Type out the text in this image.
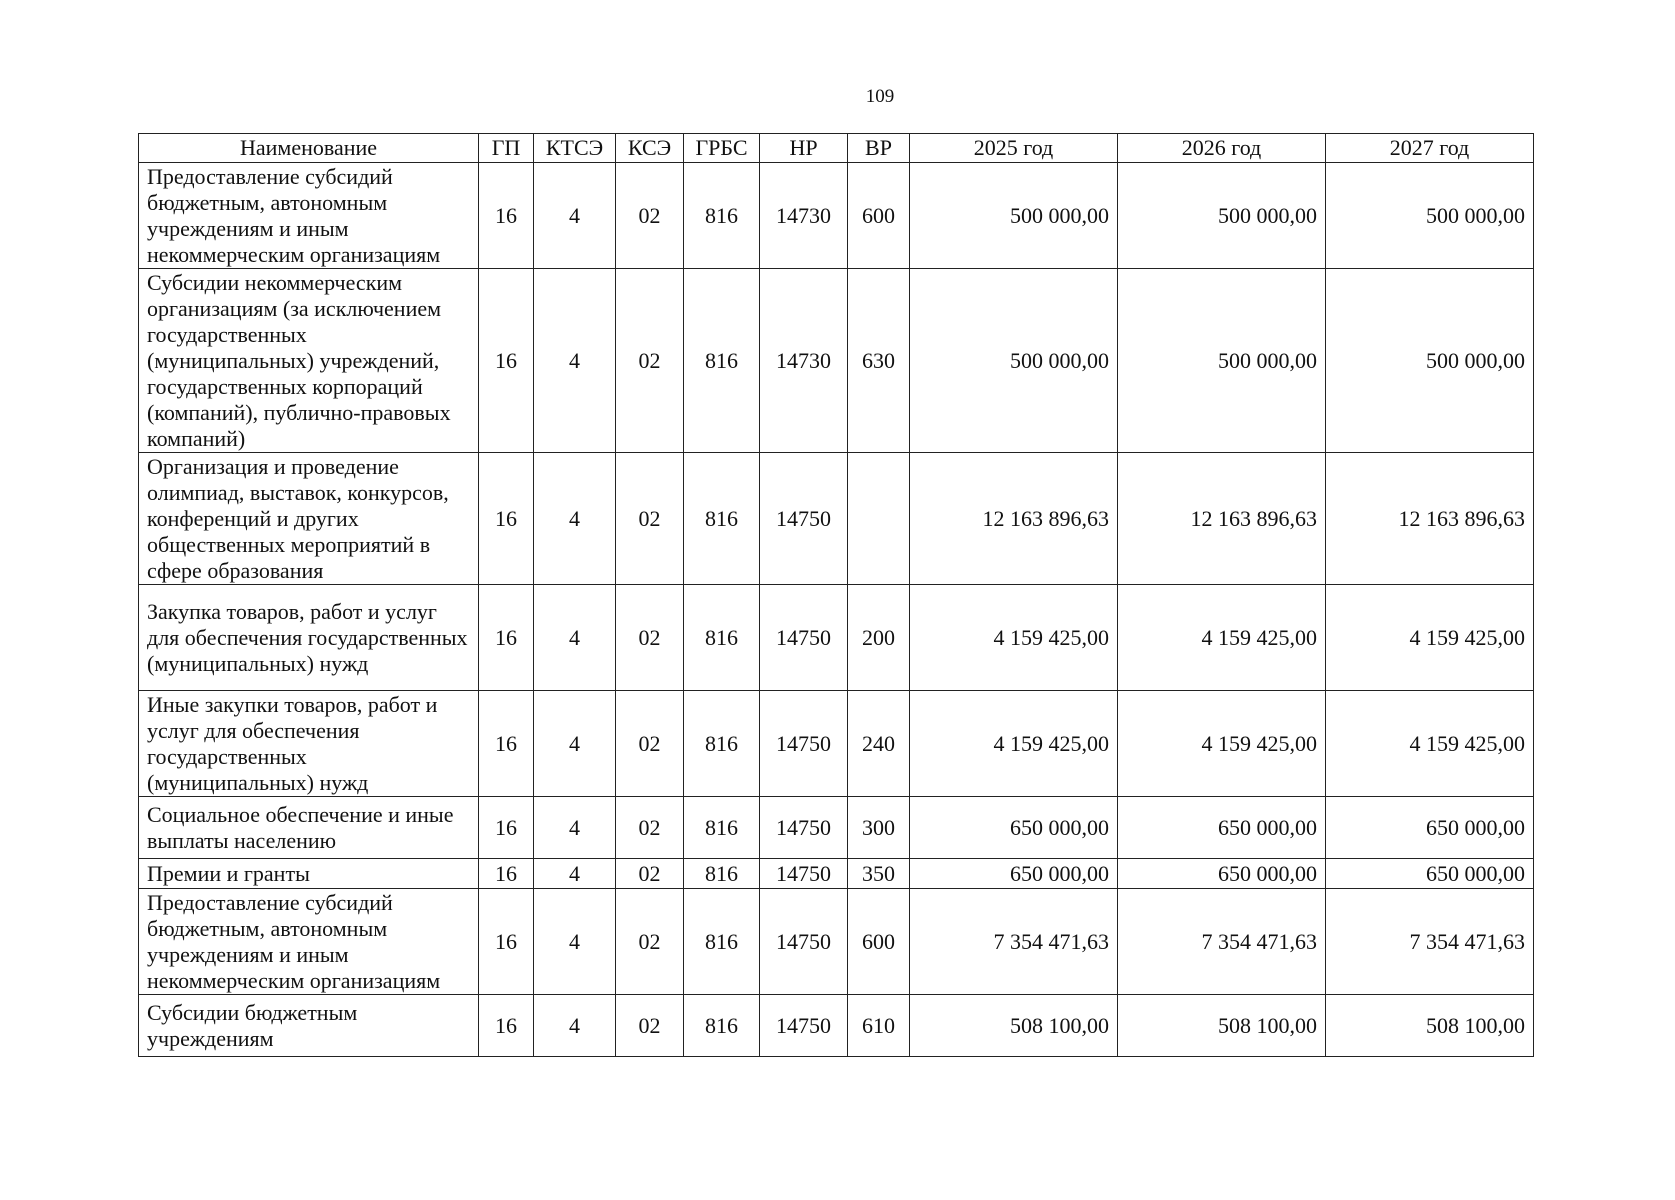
109
Наименование	ГП	КТСЭ	КСЭ	ГРБС	НР	ВР	2025 год	2026 год	2027 год
Предоставление субсидий бюджетным, автономным учреждениям и иным некоммерческим организациям	16	4	02	816	14730	600	500 000,00	500 000,00	500 000,00
Субсидии некоммерческим организациям (за исключением государственных (муниципальных) учреждений, государственных корпораций (компаний), публично-правовых компаний)	16	4	02	816	14730	630	500 000,00	500 000,00	500 000,00
Организация и проведение олимпиад, выставок, конкурсов, конференций и других общественных мероприятий в сфере образования	16	4	02	816	14750		12 163 896,63	12 163 896,63	12 163 896,63
Закупка товаров, работ и услуг для обеспечения государственных (муниципальных) нужд	16	4	02	816	14750	200	4 159 425,00	4 159 425,00	4 159 425,00
Иные закупки товаров, работ и услуг для обеспечения государственных (муниципальных) нужд	16	4	02	816	14750	240	4 159 425,00	4 159 425,00	4 159 425,00
Социальное обеспечение и иные выплаты населению	16	4	02	816	14750	300	650 000,00	650 000,00	650 000,00
Премии и гранты	16	4	02	816	14750	350	650 000,00	650 000,00	650 000,00
Предоставление субсидий бюджетным, автономным учреждениям и иным некоммерческим организациям	16	4	02	816	14750	600	7 354 471,63	7 354 471,63	7 354 471,63
Субсидии бюджетным учреждениям	16	4	02	816	14750	610	508 100,00	508 100,00	508 100,00
